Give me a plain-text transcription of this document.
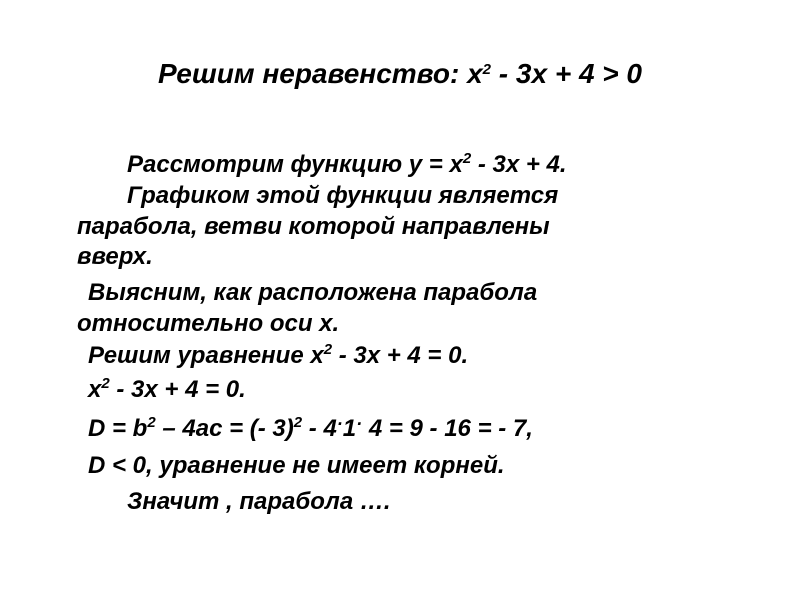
Решим неравенство: $х^2 - 3х + 4 > 0$
Рассмотрим функцию $у = х^2 - 3х + 4$.
Графиком этой функции является
парабола, ветви которой направлены
вверх.
Выясним, как расположена парабола
относительно оси х.
Решим уравнение $х^2 - 3х + 4 = 0$.
$х^2 - 3х + 4 = 0$.
$D = b^2 - 4ac$ = (- 3)$^2$ - 4·1· 4 = 9 - 16 = - 7,
D < 0, уравнение не имеет корней.
Значит , парабола ….
